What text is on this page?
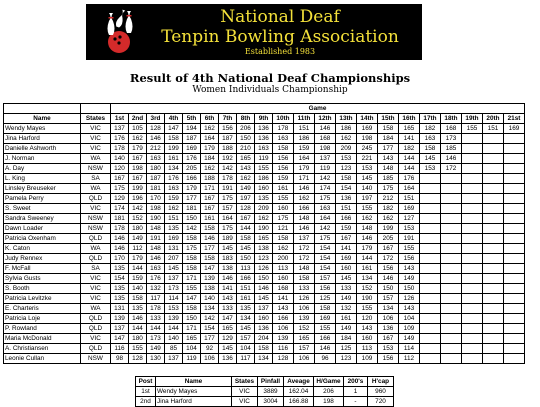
National Deaf
Tenpin Bowling Association
Established 1983
Result of 4th National Deaf Championships
Women Individuals Championship
		Game																				
Name	States	1st	2nd	3rd	4th	5th	6th	7th	8th	9th	10th	11th	12th	13th	14th	15th	16th	17th	18th	19th	20th	21st
Wendy Mayes	VIC	137	105	128	147	194	162	156	206	136	178	151	146	186	169	158	165	182	168	155	151	169
Jina Harford	VIC	176	162	146	158	187	164	187	150	136	163	186	168	162	198	184	141	163	173			
Danielle Ashworth	VIC	178	179	212	199	169	179	188	210	163	158	159	198	209	245	177	182	158	185			
J. Norman	WA	140	167	163	161	176	184	192	165	119	156	164	137	153	221	143	144	145	146			
A. Day	NSW	120	198	180	134	205	162	142	143	155	156	179	119	123	153	148	144	153	172			
L. King	SA	167	167	187	176	166	188	178	162	186	159	171	142	158	145	185	176					
Linsley Breuseker	WA	175	199	181	163	179	171	191	149	160	161	146	174	154	140	175	164					
Pamela Perry	QLD	129	196	170	159	177	167	175	197	135	155	162	175	136	197	212	151					
S. Sweet	VIC	174	142	198	162	181	167	157	128	209	160	166	163	151	155	182	169					
Sandra Sweeney	NSW	181	152	190	151	150	161	164	167	162	175	148	164	166	162	162	127					
Dawn Loader	NSW	178	180	148	135	142	158	175	144	190	121	146	142	159	148	199	153					
Patricia Oxenham	QLD	146	149	191	169	158	146	189	158	165	158	137	175	167	146	205	191					
K. Caton	WA	146	112	148	131	175	177	145	145	138	162	172	154	141	179	167	155					
Judy Rennex	QLD	170	179	146	207	158	158	183	150	123	200	172	154	169	144	172	156					
F. McFall	SA	135	144	163	145	158	147	138	113	126	113	148	154	160	161	156	143					
Sylvia Gusts	VIC	154	159	176	137	171	139	146	166	150	160	158	157	145	134	146	149					
S. Booth	VIC	135	140	132	173	155	138	141	151	146	168	133	156	133	152	150	150					
Patricia Levitzke	VIC	135	158	117	114	147	140	143	161	145	141	126	125	149	190	157	126					
E. Charteris	WA	131	135	178	153	158	134	133	135	137	143	106	158	132	155	134	143					
Patricia Loje	QLD	139	146	133	139	150	142	147	134	160	166	139	169	161	120	106	104					
P. Rowland	QLD	137	144	144	144	171	154	165	145	136	106	152	155	149	143	136	109					
Maria McDonald	VIC	147	180	173	140	165	177	129	157	204	139	165	166	184	160	167	149					
A. Christiansen	QLD	116	155	149	85	104	92	145	104	158	116	157	146	125	113	153	114					
Leonie Cullan	NSW	98	128	130	137	119	106	136	117	134	128	106	96	123	109	156	112					
Post	Name	States	Pinfall	Aveage	H/Game	200's	H'cap
1st	Wendy Mayes	VIC	3889	162.04	206	1	960
2nd	Jina Harford	VIC	3004	166.88	198	-	720
